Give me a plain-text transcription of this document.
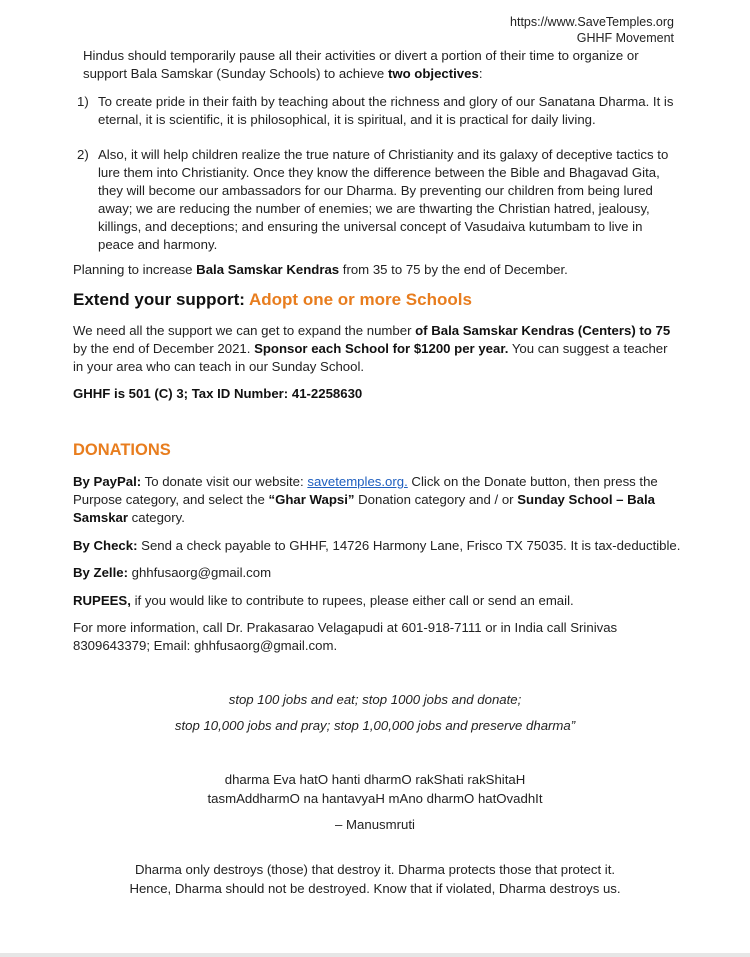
https://www.SaveTemples.org
GHHF Movement
Hindus should temporarily pause all their activities or divert a portion of their time to organize or support Bala Samskar (Sunday Schools) to achieve two objectives:
1) To create pride in their faith by teaching about the richness and glory of our Sanatana Dharma. It is eternal, it is scientific, it is philosophical, it is spiritual, and it is practical for daily living.
2) Also, it will help children realize the true nature of Christianity and its galaxy of deceptive tactics to lure them into Christianity. Once they know the difference between the Bible and Bhagavad Gita, they will become our ambassadors for our Dharma. By preventing our children from being lured away; we are reducing the number of enemies; we are thwarting the Christian hatred, jealousy, killings, and deceptions; and ensuring the universal concept of Vasudaiva kutumbam to live in peace and harmony.
Planning to increase Bala Samskar Kendras from 35 to 75 by the end of December.
Extend your support: Adopt one or more Schools
We need all the support we can get to expand the number of Bala Samskar Kendras (Centers) to 75 by the end of December 2021. Sponsor each School for $1200 per year. You can suggest a teacher in your area who can teach in our Sunday School.
GHHF is 501 (C) 3; Tax ID Number: 41-2258630
DONATIONS
By PayPal: To donate visit our website: savetemples.org. Click on the Donate button, then press the Purpose category, and select the “Ghar Wapsi” Donation category and / or Sunday School – Bala Samskar category.
By Check: Send a check payable to GHHF, 14726 Harmony Lane, Frisco TX 75035. It is tax-deductible.
By Zelle: ghhfusaorg@gmail.com
RUPEES, if you would like to contribute to rupees, please either call or send an email.
For more information, call Dr. Prakasarao Velagapudi at 601-918-7111 or in India call Srinivas 8309643379; Email: ghhfusaorg@gmail.com.
stop 100 jobs and eat; stop 1000 jobs and donate;
stop 10,000 jobs and pray; stop 1,00,000 jobs and preserve dharma”
dharma Eva hatO hanti dharmO rakShati rakShitaH
tasmAddharmO na hantavyaH mAno dharmO hatOvadhIt
– Manusmruti
Dharma only destroys (those) that destroy it. Dharma protects those that protect it.
Hence, Dharma should not be destroyed. Know that if violated, Dharma destroys us.
